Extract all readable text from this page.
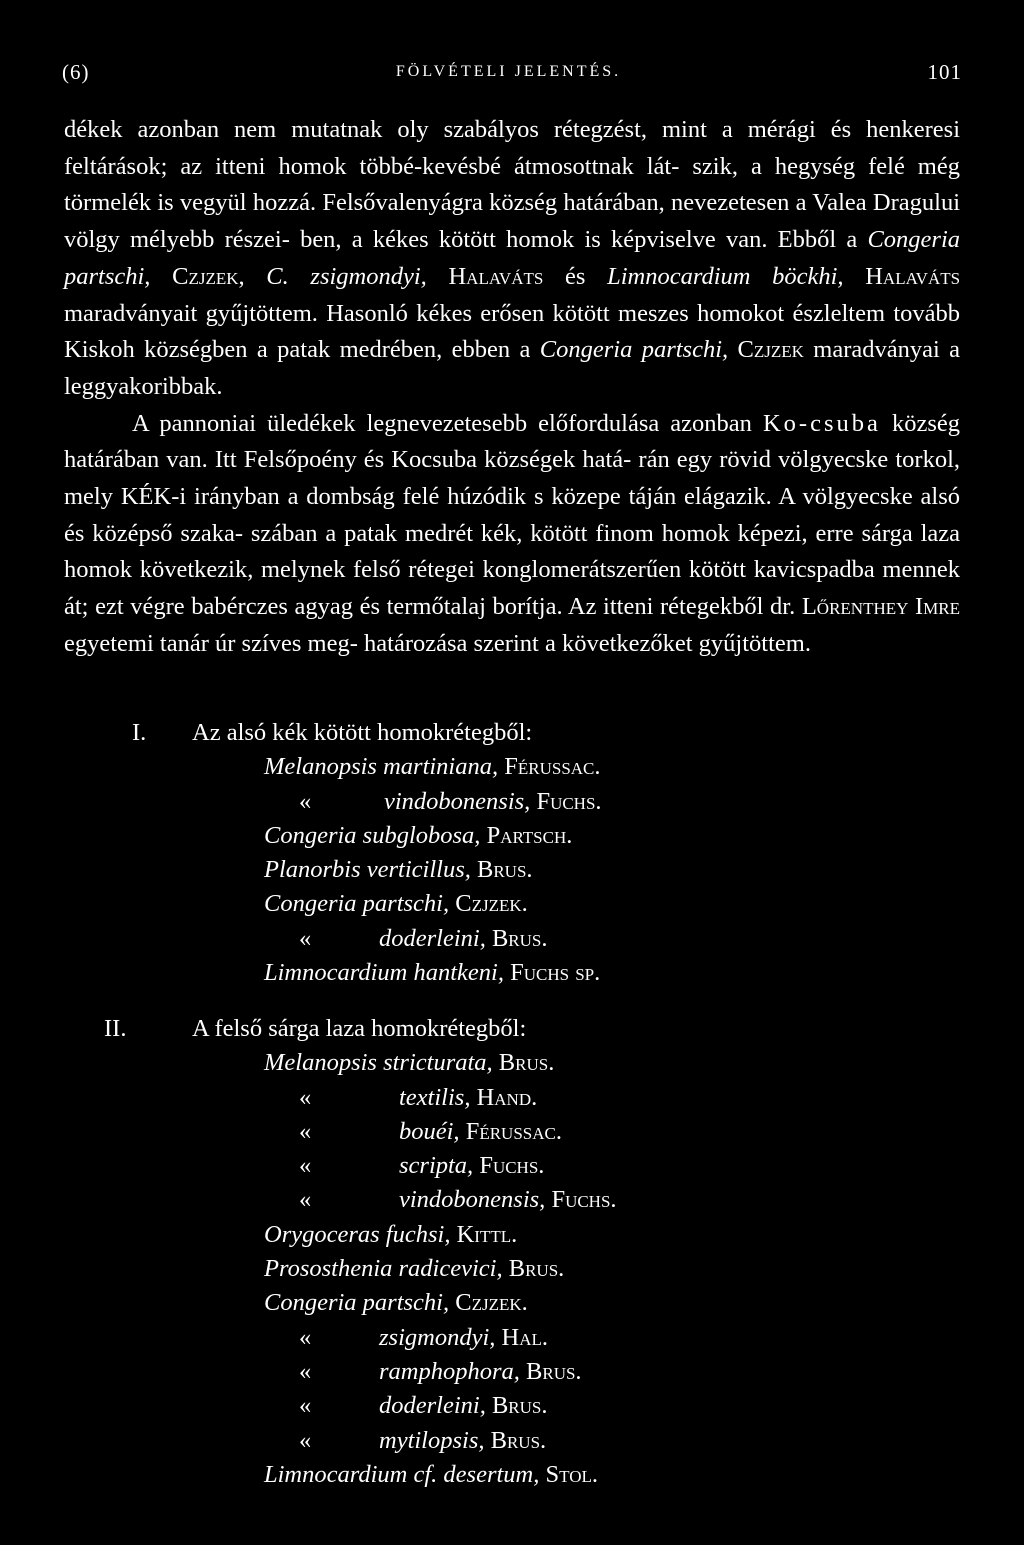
(6)	FÖLVÉTELI JELENTÉS.	101

dékek azonban nem mutatnak oly szabályos rétegzést, mint a mérági és henkeresi feltárások; az itteni homok többé-kevésbé átmosottnak lát- szik, a hegység felé még törmelék is vegyül hozzá. Felsővalenyágra község határában, nevezetesen a Valea Dragului völgy mélyebb részei- ben, a kékes kötött homok is képviselve van. Ebből a Congeria partschi, Czjzek, C. zsigmondyi, Halaváts és Limnocardium böckhi, Halaváts maradványait gyűjtöttem. Hasonló kékes erősen kötött meszes homokot észleltem tovább Kiskoh községben a patak medrében, ebben a Congeria partschi, Czjzek maradványai a leggyakoribbak.

A pannoniai üledékek legnevezetesebb előfordulása azonban Ko-csuba község határában van. Itt Felsőpoény és Kocsuba községek hatá- rán egy rövid völgyecske torkol, mely KÉK-i irányban a dombság felé húzódik s közepe táján elágazik. A völgyecske alsó és középső szaka- szában a patak medrét kék, kötött finom homok képezi, erre sárga laza homok következik, melynek felső rétegei konglomerátszerűen kötött kavicspadba mennek át; ezt végre babérczes agyag és termőtalaj borítja. Az itteni rétegekből dr. Lőrenthey Imre egyetemi tanár úr szíves meg- határozása szerint a következőket gyűjtöttem.

I. Az alsó kék kötött homokrétegből:
Melanopsis martiniana, Férussac.
«	vindobonensis, Fuchs.
Congeria subglobosa, Partsch.
Planorbis verticillus, Brus.
Congeria partschi, Czjzek.
«	doderleini, Brus.
Limnocardium hantkeni, Fuchs sp.
II.	A felső sárga laza homokrétegből:
Melanopsis stricturata, Brus.
«	textilis, Hand.
«	bouéi, Férussac.
«	scripta, Fuchs.
«	vindobonensis, Fuchs.
Orygoceras fuchsi, Kittl.
Prososthenia radicevici, Brus.
Congeria partschi, Czjzek.
«	zsigmondyi, Hal.
«	ramphophora, Brus.
«	doderleini, Brus.
«	mytilopsis, Brus.
Limnocardium cf. desertum, Stol.
